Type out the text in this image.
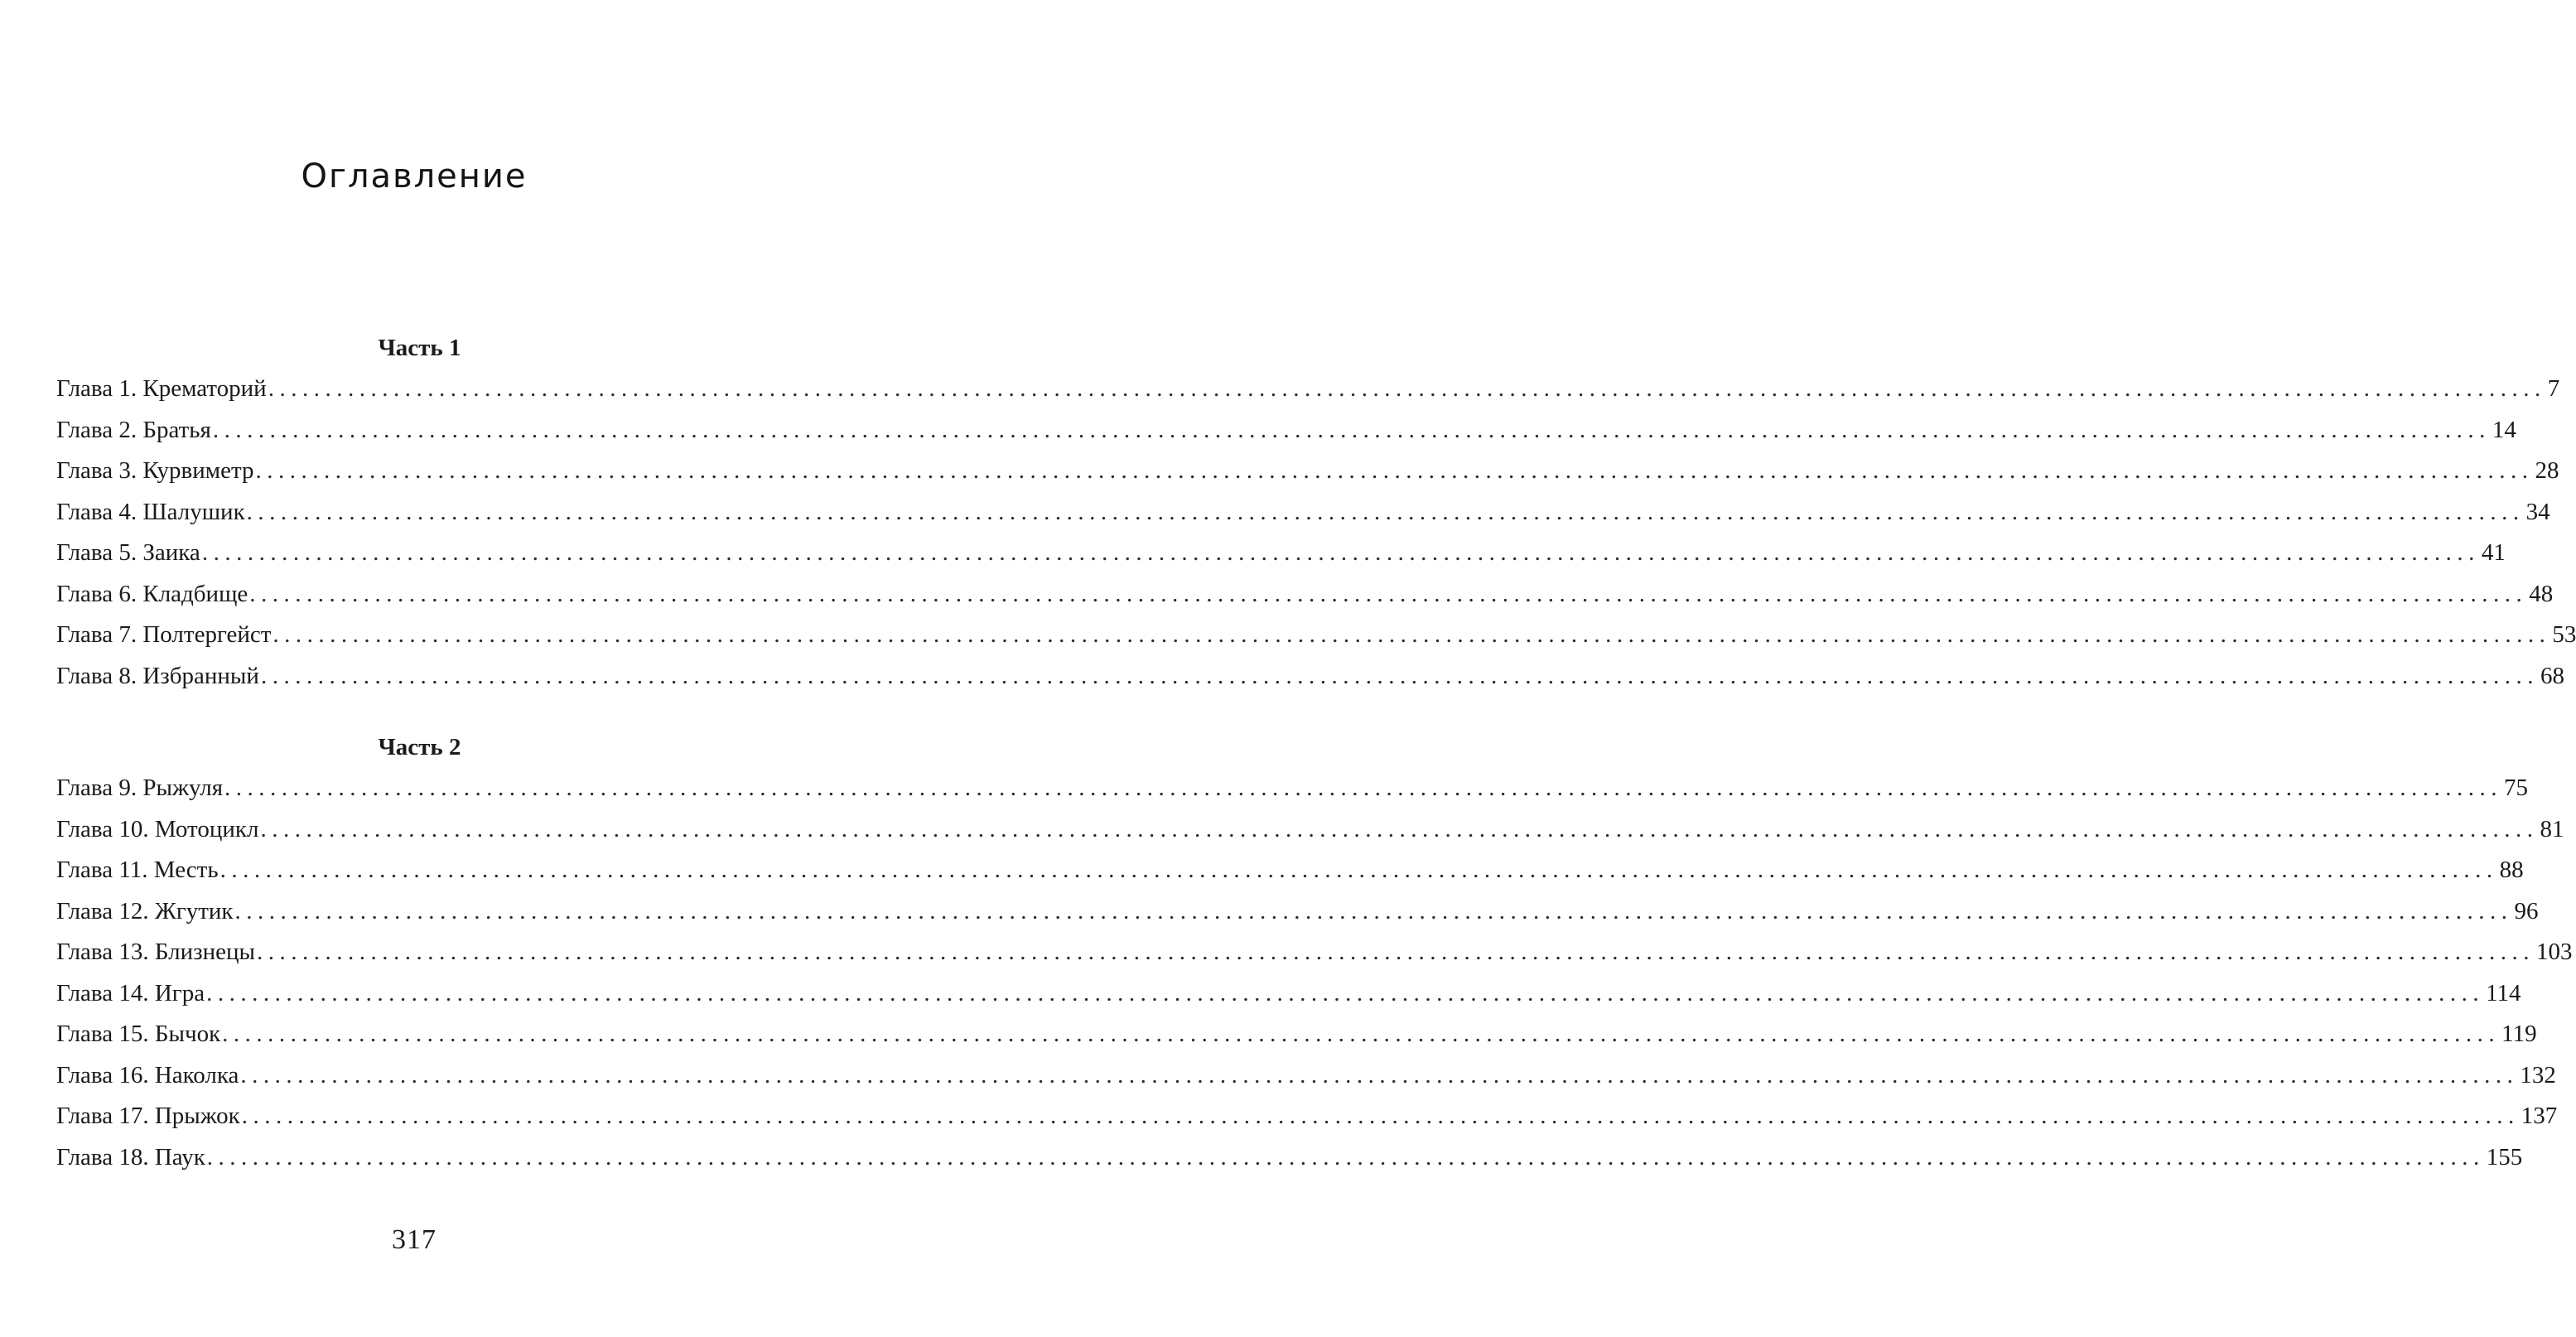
Оглавление
Часть 1
Глава 1. Крематорий ........................................................................................................................................................................................................ 7
Глава 2. Братья ........................................................................................................................................................................................................ 14
Глава 3. Курвиметр ........................................................................................................................................................................................................ 28
Глава 4. Шалушик ........................................................................................................................................................................................................ 34
Глава 5. Заика ........................................................................................................................................................................................................ 41
Глава 6. Кладбище ........................................................................................................................................................................................................ 48
Глава 7. Полтергейст ........................................................................................................................................................................................................ 53
Глава 8. Избранный ........................................................................................................................................................................................................ 68
Часть 2
Глава 9. Рыжуля ........................................................................................................................................................................................................ 75
Глава 10. Мотоцикл ........................................................................................................................................................................................................ 81
Глава 11. Месть ........................................................................................................................................................................................................ 88
Глава 12. Жгутик ........................................................................................................................................................................................................ 96
Глава 13. Близнецы ........................................................................................................................................................................................................ 103
Глава 14. Игра ........................................................................................................................................................................................................ 114
Глава 15. Бычок ........................................................................................................................................................................................................ 119
Глава 16. Наколка ........................................................................................................................................................................................................ 132
Глава 17. Прыжок ........................................................................................................................................................................................................ 137
Глава 18. Паук ........................................................................................................................................................................................................ 155
317
